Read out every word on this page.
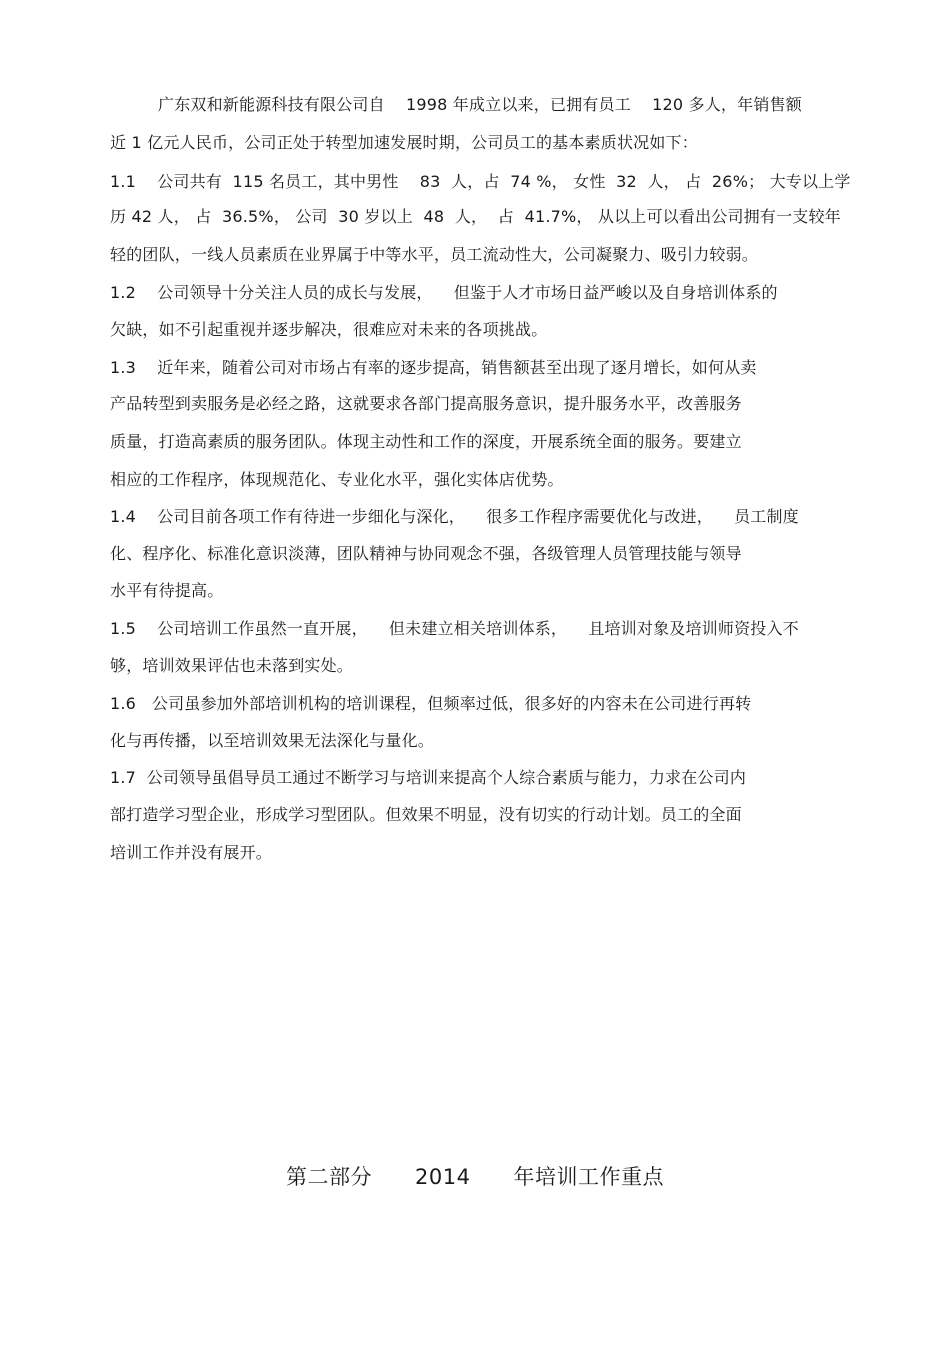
广东双和新能源科技有限公司自    1998 年成立以来，已拥有员工    120 多人，年销售额
近 1 亿元人民币，公司正处于转型加速发展时期，公司员工的基本素质状况如下：
1.1    公司共有  115 名员工，其中男性    83  人，占  74 %， 女性  32  人， 占  26%； 大专以上学
历 42 人， 占  36.5%， 公司  30 岁以上  48  人，  占  41.7%， 从以上可以看出公司拥有一支较年
轻的团队，一线人员素质在业界属于中等水平，员工流动性大，公司凝聚力、吸引力较弱。
1.2    公司领导十分关注人员的成长与发展，    但鉴于人才市场日益严峻以及自身培训体系的
欠缺，如不引起重视并逐步解决，很难应对未来的各项挑战。
1.3    近年来，随着公司对市场占有率的逐步提高，销售额甚至出现了逐月增长，如何从卖
产品转型到卖服务是必经之路，这就要求各部门提高服务意识，提升服务水平，改善服务
质量，打造高素质的服务团队。体现主动性和工作的深度，开展系统全面的服务。要建立
相应的工作程序，体现规范化、专业化水平，强化实体店优势。
1.4    公司目前各项工作有待进一步细化与深化，    很多工作程序需要优化与改进，    员工制度
化、程序化、标准化意识淡薄，团队精神与协同观念不强，各级管理人员管理技能与领导
水平有待提高。
1.5    公司培训工作虽然一直开展，    但未建立相关培训体系，    且培训对象及培训师资投入不
够，培训效果评估也未落到实处。
1.6   公司虽参加外部培训机构的培训课程，但频率过低，很多好的内容未在公司进行再转
化与再传播，以至培训效果无法深化与量化。
1.7  公司领导虽倡导员工通过不断学习与培训来提高个人综合素质与能力，力求在公司内
部打造学习型企业，形成学习型团队。但效果不明显，没有切实的行动计划。员工的全面
培训工作并没有展开。
第二部分      2014      年培训工作重点
